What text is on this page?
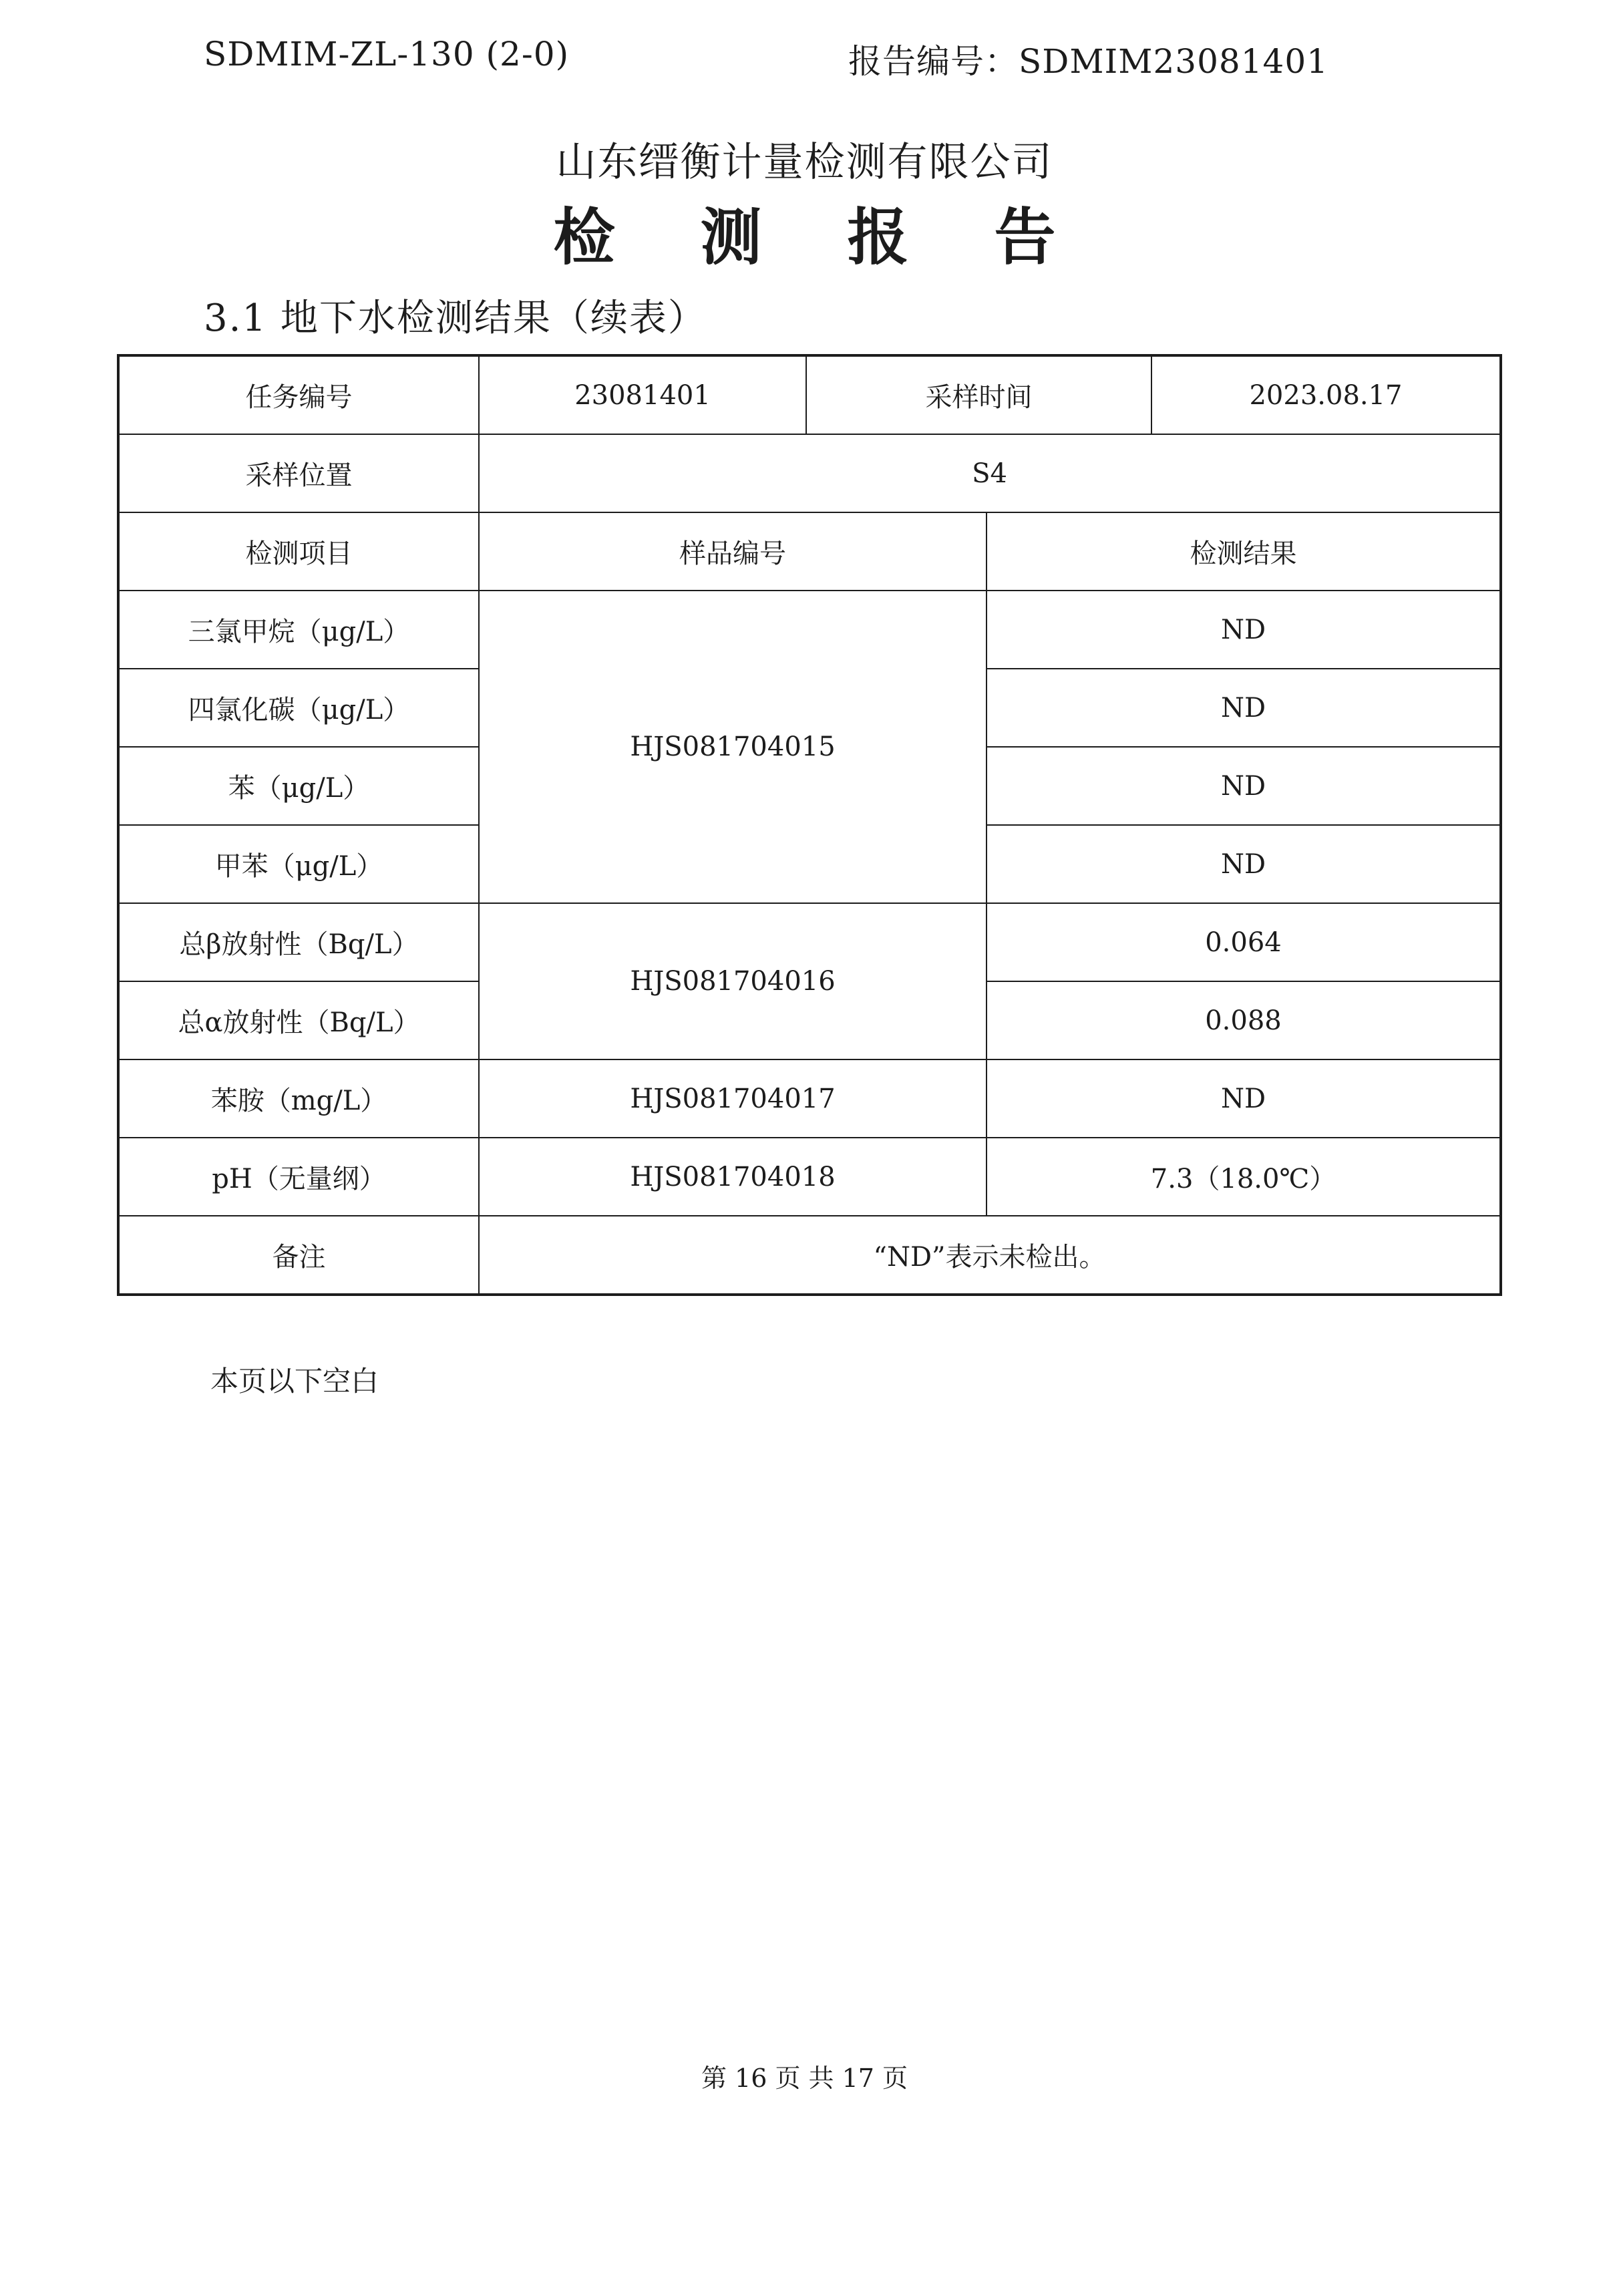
SDMIM-ZL-130 (2-0)	报告编号：SDMIM23081401
山东缙衡计量检测有限公司
检 测 报 告
3.1 地下水检测结果（续表）
任务编号	23081401	采样时间 2023.08.17	

采样位置	S4		
检测项目	样品编号		检测结果
三氯甲烷（μg/L）	HJS081704015		ND
四氯化碳（μg/L）			ND
苯（μg/L）			ND
甲苯（μg/L）			ND
总β放射性（Bq/L）	HJS081704016		0.064
总α放射性（Bq/L）			0.088
苯胺（mg/L）	HJS081704017		ND
pH（无量纲）	HJS081704018		7.3（18.0℃）
备注	“ND”表示未检出。		
本页以下空白
第 16 页 共 17 页
